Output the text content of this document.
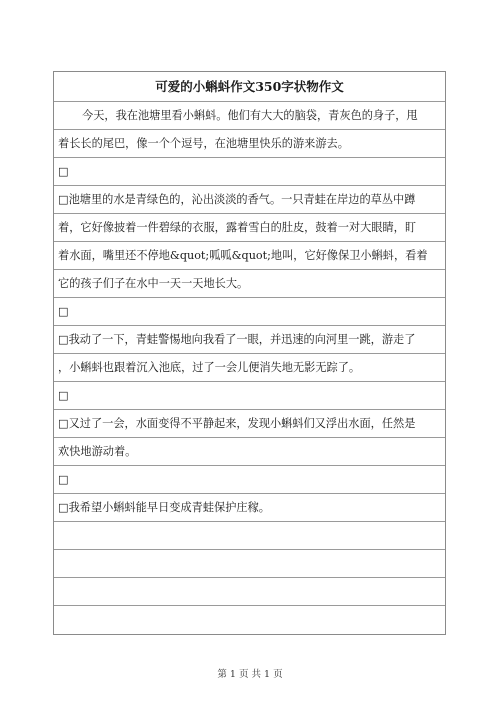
可爱的小蝌蚪作文350字状物作文
今天，我在池塘里看小蝌蚪。他们有大大的脑袋，青灰色的身子，甩
着长长的尾巴，像一个个逗号，在池塘里快乐的游来游去。
□
□池塘里的水是青绿色的，沁出淡淡的香气。一只青蛙在岸边的草丛中蹲
着，它好像披着一件碧绿的衣服，露着雪白的肚皮，鼓着一对大眼睛，盯
着水面，嘴里还不停地&quot;呱呱&quot;地叫，它好像保卫小蝌蚪，看着
它的孩子们子在水中一天一天地长大。
□
□我动了一下，青蛙警惕地向我看了一眼，并迅速的向河里一跳，游走了
，小蝌蚪也跟着沉入池底，过了一会儿便消失地无影无踪了。
□
□又过了一会，水面变得不平静起来，发现小蝌蚪们又浮出水面，任然是
欢快地游动着。
□
□我希望小蝌蚪能早日变成青蛙保护庄稼。
第 1 页 共 1 页
